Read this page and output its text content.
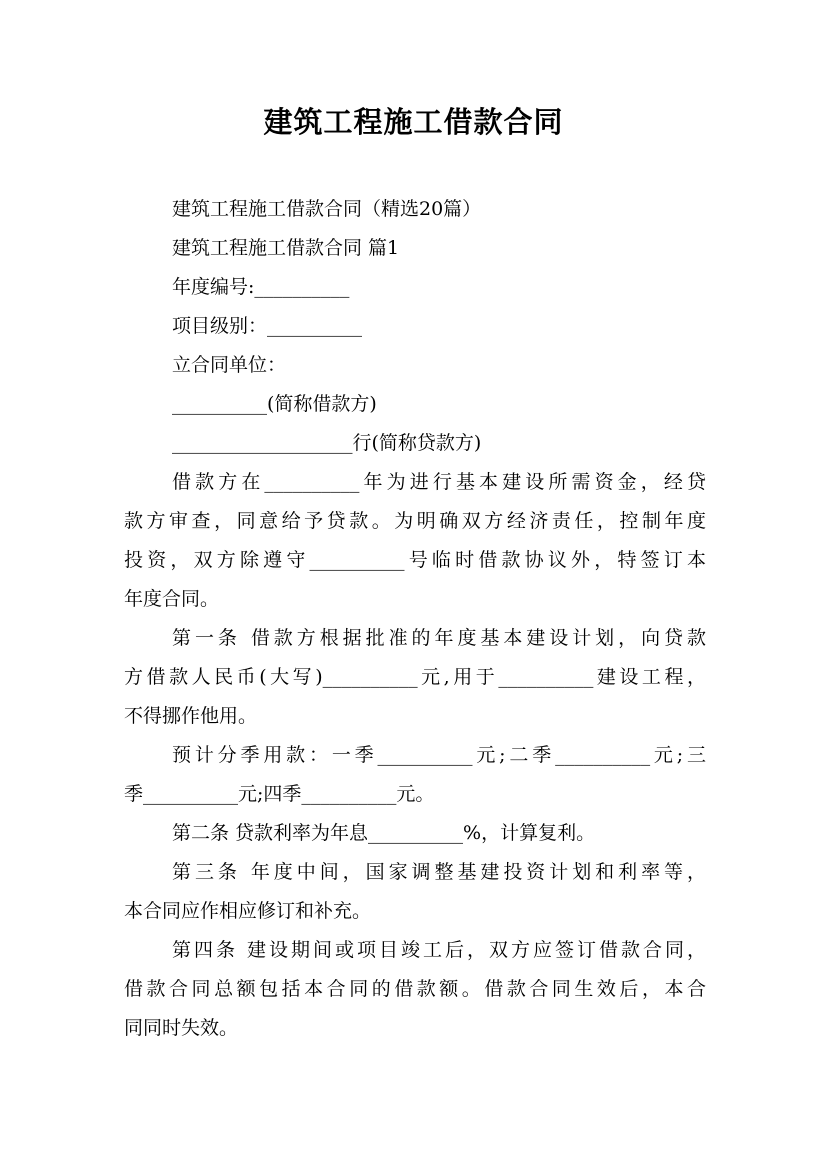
建筑工程施工借款合同
建筑工程施工借款合同（精选20篇）
建筑工程施工借款合同 篇1
年度编号:__________
项目级别：__________
立合同单位：
__________(简称借款方)
___________________行(简称贷款方)
借款方在__________年为进行基本建设所需资金，经贷
款方审查，同意给予贷款。为明确双方经济责任，控制年度
投资，双方除遵守__________号临时借款协议外，特签订本
年度合同。
第一条 借款方根据批准的年度基本建设计划，向贷款
方借款人民币(大写)__________元,用于__________建设工程，
不得挪作他用。
预计分季用款：一季__________元;二季__________元;三
季__________元;四季__________元。
第二条 贷款利率为年息__________%，计算复利。
第三条 年度中间，国家调整基建投资计划和利率等，
本合同应作相应修订和补充。
第四条 建设期间或项目竣工后，双方应签订借款合同，
借款合同总额包括本合同的借款额。借款合同生效后，本合
同同时失效。
